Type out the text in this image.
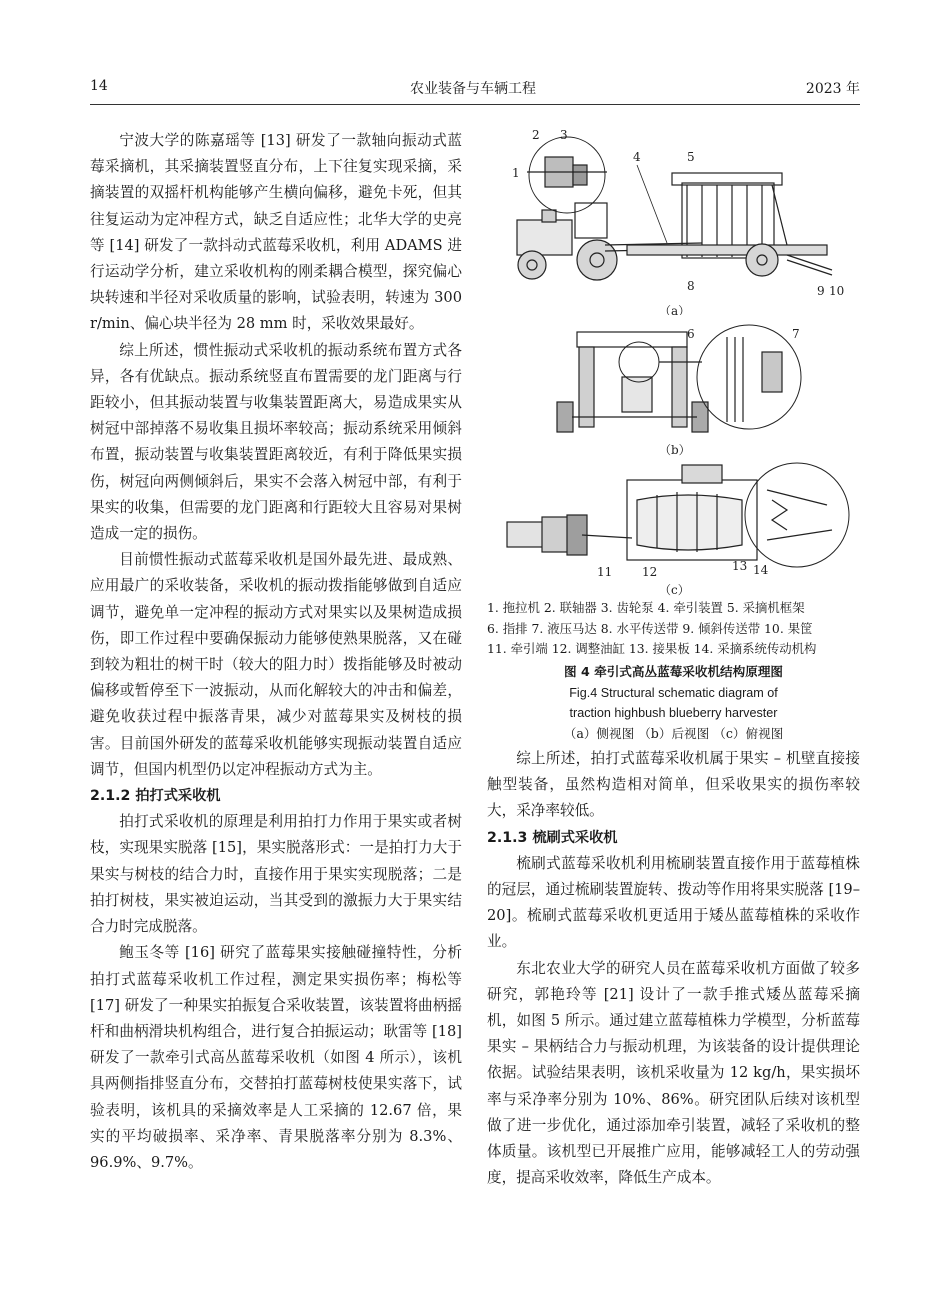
14	农业装备与车辆工程	2023 年

宁波大学的陈嘉瑶等 [13] 研发了一款轴向振动式蓝莓采摘机，其采摘装置竖直分布，上下往复实现采摘，采摘装置的双摇杆机构能够产生横向偏移，避免卡死，但其往复运动为定冲程方式，缺乏自适应性；北华大学的史亮等 [14] 研发了一款抖动式蓝莓采收机，利用 ADAMS 进行运动学分析，建立采收机构的刚柔耦合模型，探究偏心块转速和半径对采收质量的影响，试验表明，转速为 300 r/min、偏心块半径为 28 mm 时，采收效果最好。

综上所述，惯性振动式采收机的振动系统布置方式各异，各有优缺点。振动系统竖直布置需要的龙门距离与行距较小，但其振动装置与收集装置距离大，易造成果实从树冠中部掉落不易收集且损坏率较高；振动系统采用倾斜布置，振动装置与收集装置距离较近，有利于降低果实损伤，树冠向两侧倾斜后，果实不会落入树冠中部，有利于果实的收集，但需要的龙门距离和行距较大且容易对果树造成一定的损伤。

目前惯性振动式蓝莓采收机是国外最先进、最成熟、应用最广的采收装备，采收机的振动拨指能够做到自适应调节，避免单一定冲程的振动方式对果实以及果树造成损伤，即工作过程中要确保振动力能够使熟果脱落，又在碰到较为粗壮的树干时（较大的阻力时）拨指能够及时被动偏移或暂停至下一波振动，从而化解较大的冲击和偏差，避免收获过程中振落青果，减少对蓝莓果实及树枝的损害。目前国外研发的蓝莓采收机能够实现振动装置自适应调节，但国内机型仍以定冲程振动方式为主。

2.1.2 拍打式采收机

拍打式采收机的原理是利用拍打力作用于果实或者树枝，实现果实脱落 [15]，果实脱落形式：一是拍打力大于果实与树枝的结合力时，直接作用于果实实现脱落；二是拍打树枝，果实被迫运动，当其受到的激振力大于果实结合力时完成脱落。

鲍玉冬等 [16] 研究了蓝莓果实接触碰撞特性，分析拍打式蓝莓采收机工作过程，测定果实损伤率；梅松等 [17] 研发了一种果实拍振复合采收装置，该装置将曲柄摇杆和曲柄滑块机构组合，进行复合拍振运动；耿雷等 [18] 研发了一款牵引式高丛蓝莓采收机（如图 4 所示），该机具两侧指排竖直分布，交替拍打蓝莓树枝使果实落下，试验表明，该机具的采摘效率是人工采摘的 12.67 倍，果实的平均破损率、采净率、青果脱落率分别为 8.3%、96.9%、9.7%。

1
2 3
4	5
8	9 10
（a）
6	7
（b）
11 12	13 14
（c）
1. 拖拉机 2. 联轴器 3. 齿轮泵 4. 牵引装置 5. 采摘机框架
6. 指排 7. 液压马达 8. 水平传送带 9. 倾斜传送带 10. 果筐
11. 牵引端 12. 调整油缸 13. 接果板 14. 采摘系统传动机构
图 4 牵引式高丛蓝莓采收机结构原理图
Fig.4 Structural schematic diagram of
traction highbush blueberry harvester
（a）侧视图 （b）后视图 （c）俯视图

综上所述，拍打式蓝莓采收机属于果实 – 机壁直接接触型装备，虽然构造相对简单，但采收果实的损伤率较大，采净率较低。

2.1.3 梳刷式采收机

梳刷式蓝莓采收机利用梳刷装置直接作用于蓝莓植株的冠层，通过梳刷装置旋转、拨动等作用将果实脱落 [19–20]。梳刷式蓝莓采收机更适用于矮丛蓝莓植株的采收作业。

东北农业大学的研究人员在蓝莓采收机方面做了较多研究，郭艳玲等 [21] 设计了一款手推式矮丛蓝莓采摘机，如图 5 所示。通过建立蓝莓植株力学模型，分析蓝莓果实 – 果柄结合力与振动机理，为该装备的设计提供理论依据。试验结果表明，该机采收量为 12 kg/h，果实损坏率与采净率分别为 10%、86%。研究团队后续对该机型做了进一步优化，通过添加牵引装置，减轻了采收机的整体质量。该机型已开展推广应用，能够减轻工人的劳动强度，提高采收效率，降低生产成本。
